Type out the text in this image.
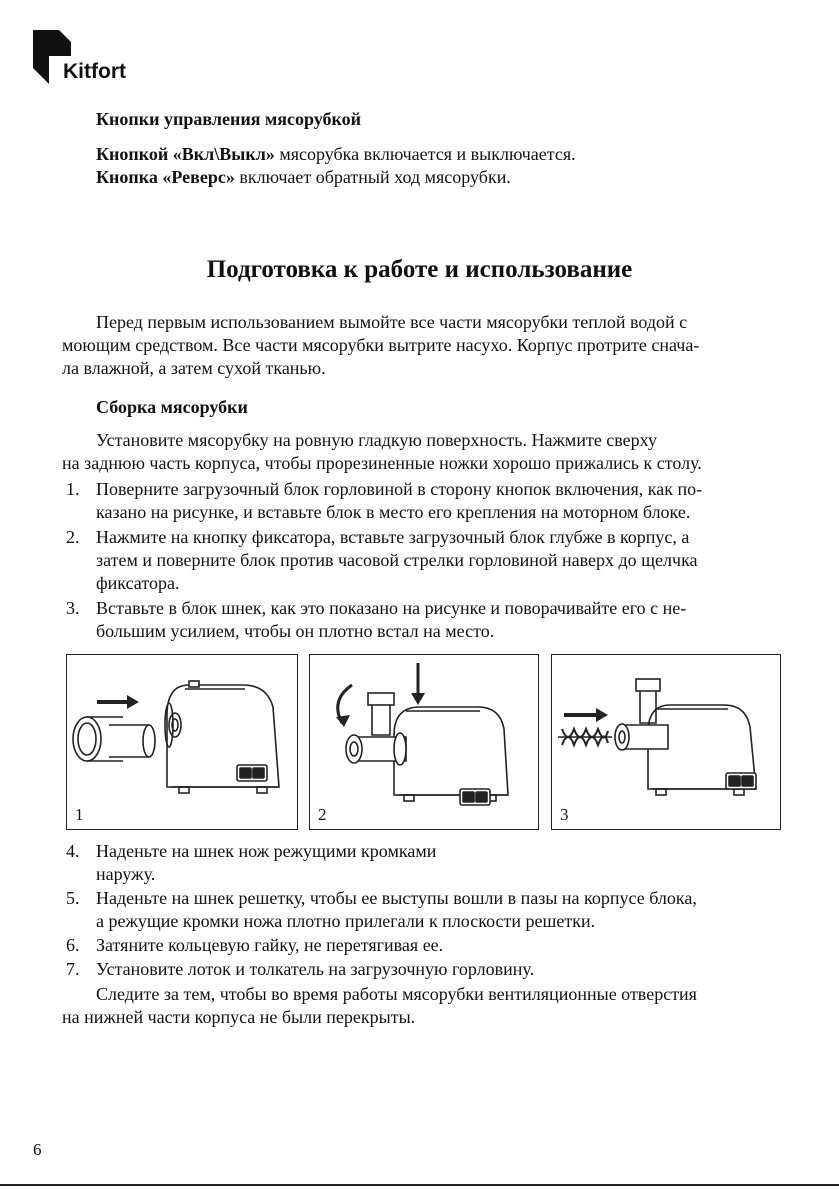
Kitfort
Кнопки управления мясорубкой
Кнопкой «Вкл\Выкл» мясорубка включается и выключается.
Кнопка «Реверс» включает обратный ход мясорубки.
Подготовка к работе и использование
Перед первым использованием вымойте все части мясорубки теплой водой с
моющим средством. Все части мясорубки вытрите насухо. Корпус протрите снача-
ла влажной, а затем сухой тканью.
Сборка мясорубки
Установите мясорубку на ровную гладкую поверхность. Нажмите сверху
на заднюю часть корпуса, чтобы прорезиненные ножки хорошо прижались к столу.
1. Поверните загрузочный блок горловиной в сторону кнопок включения, как по-
казано на рисунке, и вставьте блок в место его крепления на моторном блоке.
2. Нажмите на кнопку фиксатора, вставьте загрузочный блок глубже в корпус, а
затем и поверните блок против часовой стрелки горловиной наверх до щелчка
фиксатора.
3. Вставьте в блок шнек, как это показано на рисунке и поворачивайте его с не-
большим усилием, чтобы он плотно встал на место.
1	2	3
4. Наденьте на шнек нож режущими кромками
наружу.
5. Наденьте на шнек решетку, чтобы ее выступы вошли в пазы на корпусе блока,
а режущие кромки ножа плотно прилегали к плоскости решетки.
6. Затяните кольцевую гайку, не перетягивая ее.
7. Установите лоток и толкатель на загрузочную горловину.
Следите за тем, чтобы во время работы мясорубки вентиляционные отверстия
на нижней части корпуса не были перекрыты.
6
